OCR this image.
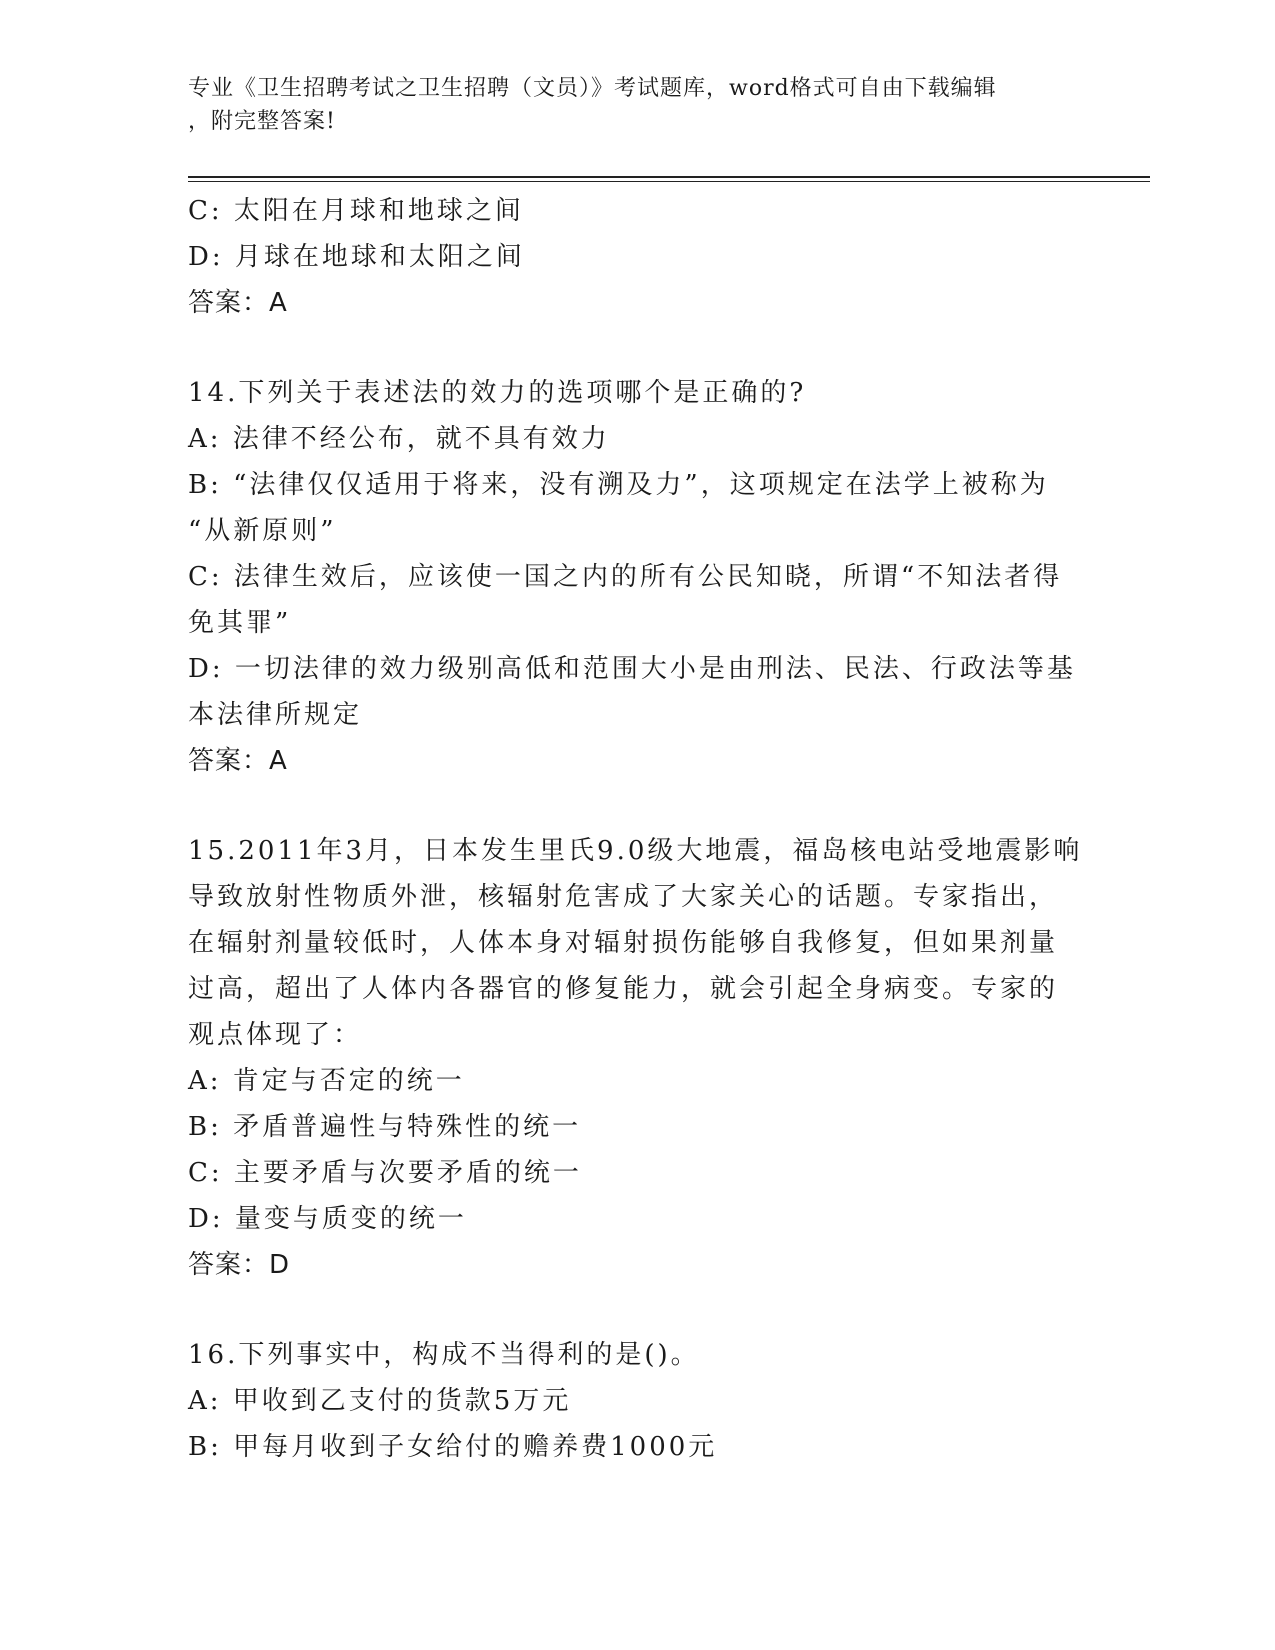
专业《卫生招聘考试之卫生招聘（文员）》考试题库，word格式可自由下载编辑
，附完整答案!
C: 太阳在月球和地球之间
D: 月球在地球和太阳之间
答案：A
14.下列关于表述法的效力的选项哪个是正确的?
A: 法律不经公布，就不具有效力
B: “法律仅仅适用于将来，没有溯及力”，这项规定在法学上被称为
“从新原则”
C: 法律生效后，应该使一国之内的所有公民知晓，所谓“不知法者得
免其罪”
D: 一切法律的效力级别高低和范围大小是由刑法、民法、行政法等基
本法律所规定
答案：A
15.2011年3月，日本发生里氏9.0级大地震，福岛核电站受地震影响
导致放射性物质外泄，核辐射危害成了大家关心的话题。专家指出，
在辐射剂量较低时，人体本身对辐射损伤能够自我修复，但如果剂量
过高，超出了人体内各器官的修复能力，就会引起全身病变。专家的
观点体现了：
A: 肯定与否定的统一
B: 矛盾普遍性与特殊性的统一
C: 主要矛盾与次要矛盾的统一
D: 量变与质变的统一
答案：D
16.下列事实中，构成不当得利的是()。
A: 甲收到乙支付的货款5万元
B: 甲每月收到子女给付的赡养费1000元
